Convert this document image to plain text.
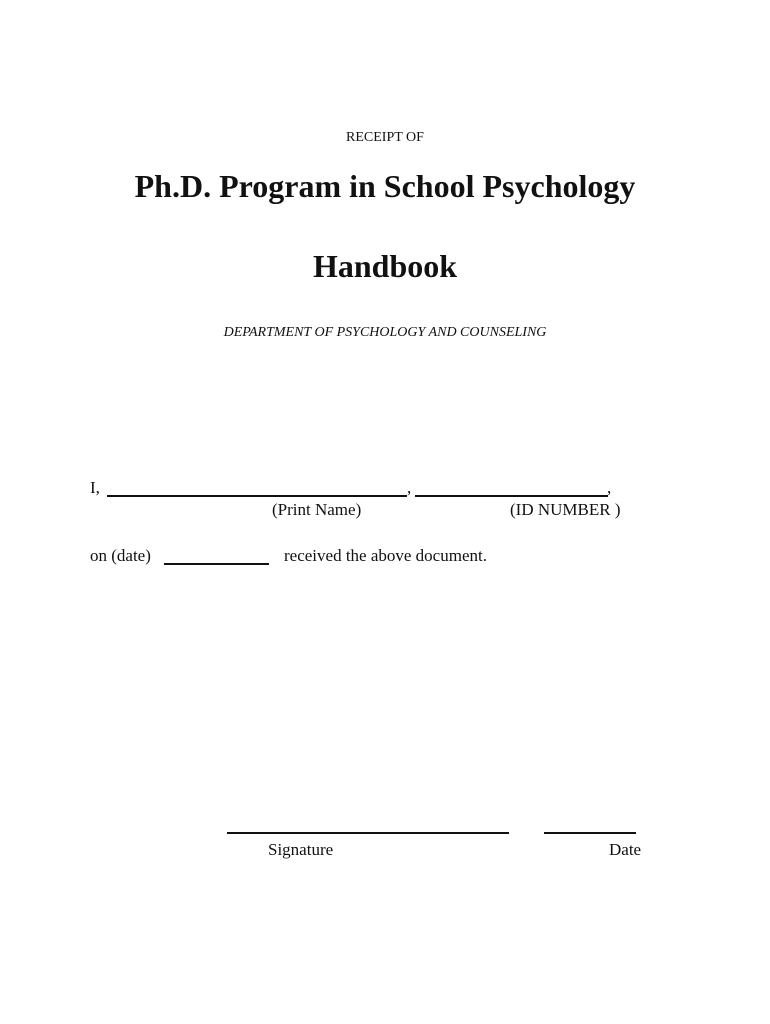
RECEIPT OF
Ph.D. Program in School Psychology
Handbook
DEPARTMENT OF PSYCHOLOGY AND COUNSELING
I,	,	,
(Print Name)	(ID NUMBER )
on (date)	received the above document.
Signature	Date
